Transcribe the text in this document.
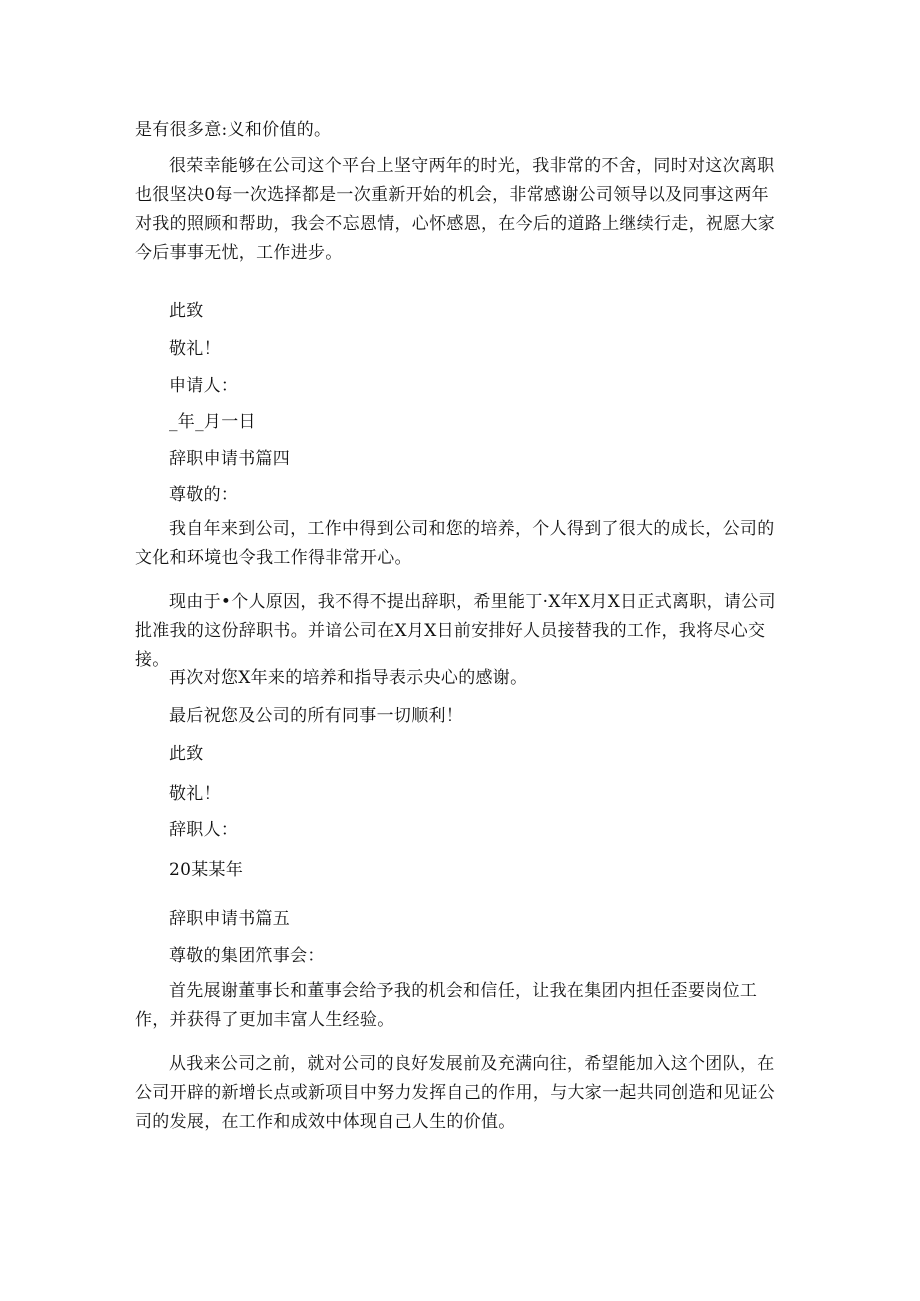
是有很多意:义和价值的。
很荣幸能够在公司这个平台上坚守两年的时光，我非常的不舍，同时对这次离职也很坚决0每一次选择都是一次重新开始的机会，非常感谢公司领导以及同事这两年对我的照顾和帮助，我会不忘恩情，心怀感恩，在今后的道路上继续行走，祝愿大家今后事事无忧，工作进步。
此致
敬礼！
申请人：
_年_月一日
辞职申请书篇四
尊敬的：
我自年来到公司，工作中得到公司和您的培养，个人得到了很大的成长，公司的文化和环境也令我工作得非常开心。
现由于•个人原因，我不得不提出辞职，希里能丁·X年X月X日正式离职，请公司批准我的这份辞职书。并谙公司在X月X日前安排好人员接替我的工作，我将尽心交接。
再次对您X年来的培养和指导表示央心的感谢。
最后祝您及公司的所有同事一切顺利！
此致
敬礼！
辞职人：
20某某年
辞职申请书篇五
尊敬的集团笊事会：
首先展谢董事长和董事会给予我的机会和信任，让我在集团内担任歪要岗位工作，并获得了更加丰富人生经验。
从我来公司之前，就对公司的良好发展前及充满向往，希望能加入这个团队，在公司开辟的新增长点或新项目中努力发挥自己的作用，与大家一起共同创造和见证公司的发展，在工作和成效中体现自己人生的价值。
